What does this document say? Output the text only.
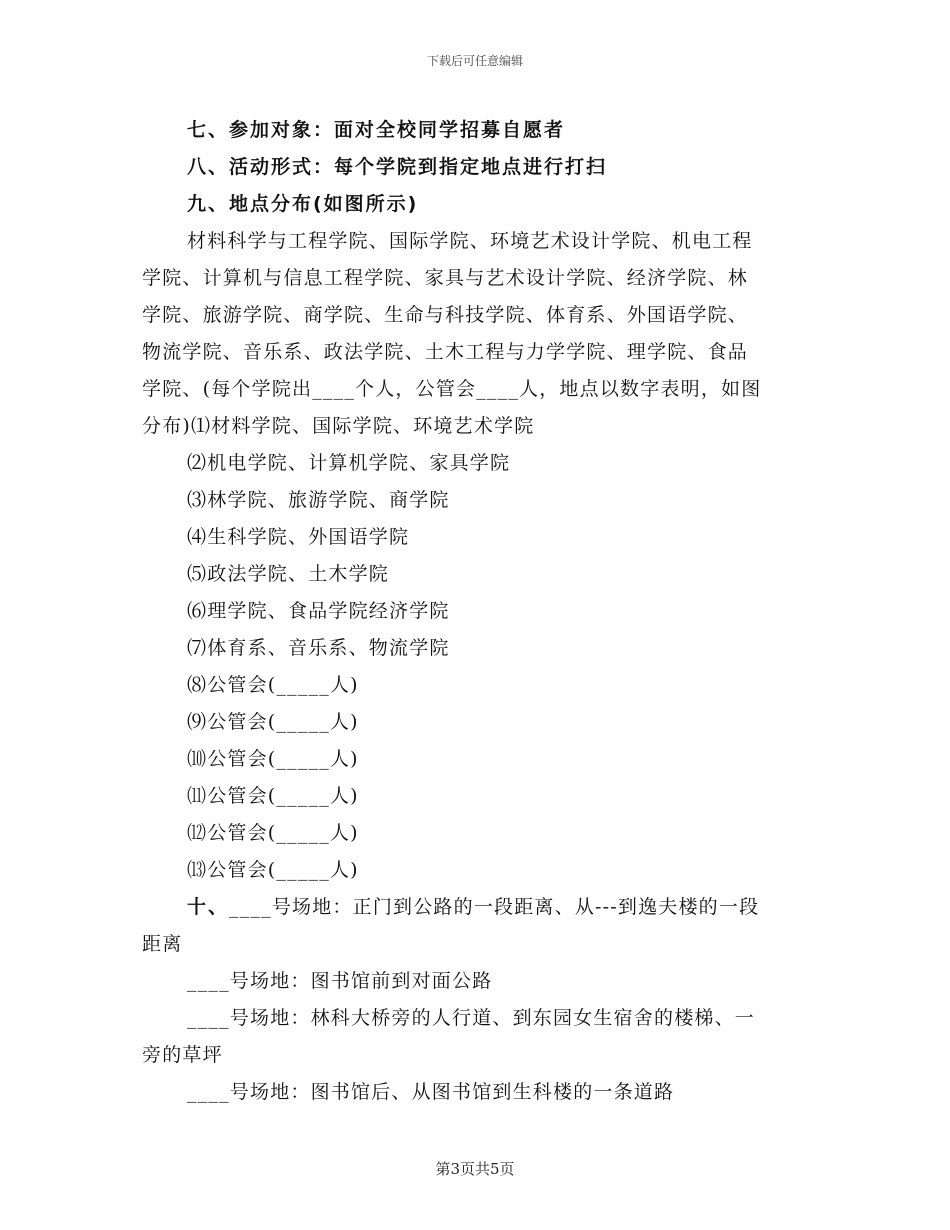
下载后可任意编辑
七、参加对象：面对全校同学招募自愿者
八、活动形式：每个学院到指定地点进行打扫
九、地点分布(如图所示)
材料科学与工程学院、国际学院、环境艺术设计学院、机电工程
学院、计算机与信息工程学院、家具与艺术设计学院、经济学院、林
学院、旅游学院、商学院、生命与科技学院、体育系、外国语学院、
物流学院、音乐系、政法学院、土木工程与力学学院、理学院、食品
学院、(每个学院出____个人，公管会____人，地点以数字表明，如图
分布)⑴材料学院、国际学院、环境艺术学院
⑵机电学院、计算机学院、家具学院
⑶林学院、旅游学院、商学院
⑷生科学院、外国语学院
⑸政法学院、土木学院
⑹理学院、食品学院经济学院
⑺体育系、音乐系、物流学院
⑻公管会(_____人)
⑼公管会(_____人)
⑽公管会(_____人)
⑾公管会(_____人)
⑿公管会(_____人)
⒀公管会(_____人)
十、____号场地：正门到公路的一段距离、从---到逸夫楼的一段
距离
____号场地：图书馆前到对面公路
____号场地：林科大桥旁的人行道、到东园女生宿舍的楼梯、一
旁的草坪
____号场地：图书馆后、从图书馆到生科楼的一条道路
第3页共5页
